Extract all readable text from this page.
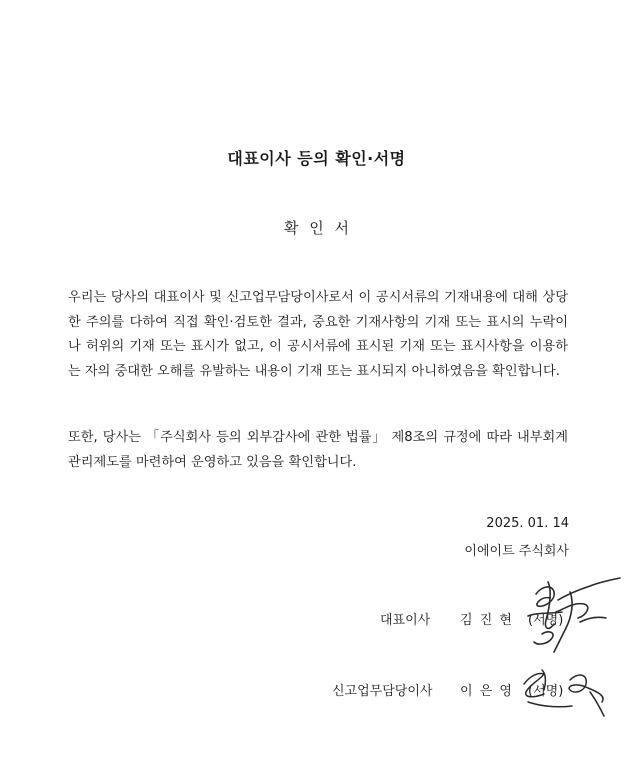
대표이사 등의 확인·서명
확 인 서

우리는 당사의 대표이사 및 신고업무담당이사로서 이 공시서류의 기재내용에 대해 상당한 주의를 다하여 직접 확인·검토한 결과, 중요한 기재사항의 기재 또는 표시의 누락이나 허위의 기재 또는 표시가 없고, 이 공시서류에 표시된 기재 또는 표시사항을 이용하는 자의 중대한 오해를 유발하는 내용이 기재 또는 표시되지 아니하였음을 확인합니다.

또한, 당사는 「주식회사 등의 외부감사에 관한 법률」 제8조의 규정에 따라 내부회계관리제도를 마련하여 운영하고 있음을 확인합니다.

2025. 01. 14
이에이트 주식회사
대표이사 김 진 현 (서명)
신고업무담당이사 이 은 영 (서명)
